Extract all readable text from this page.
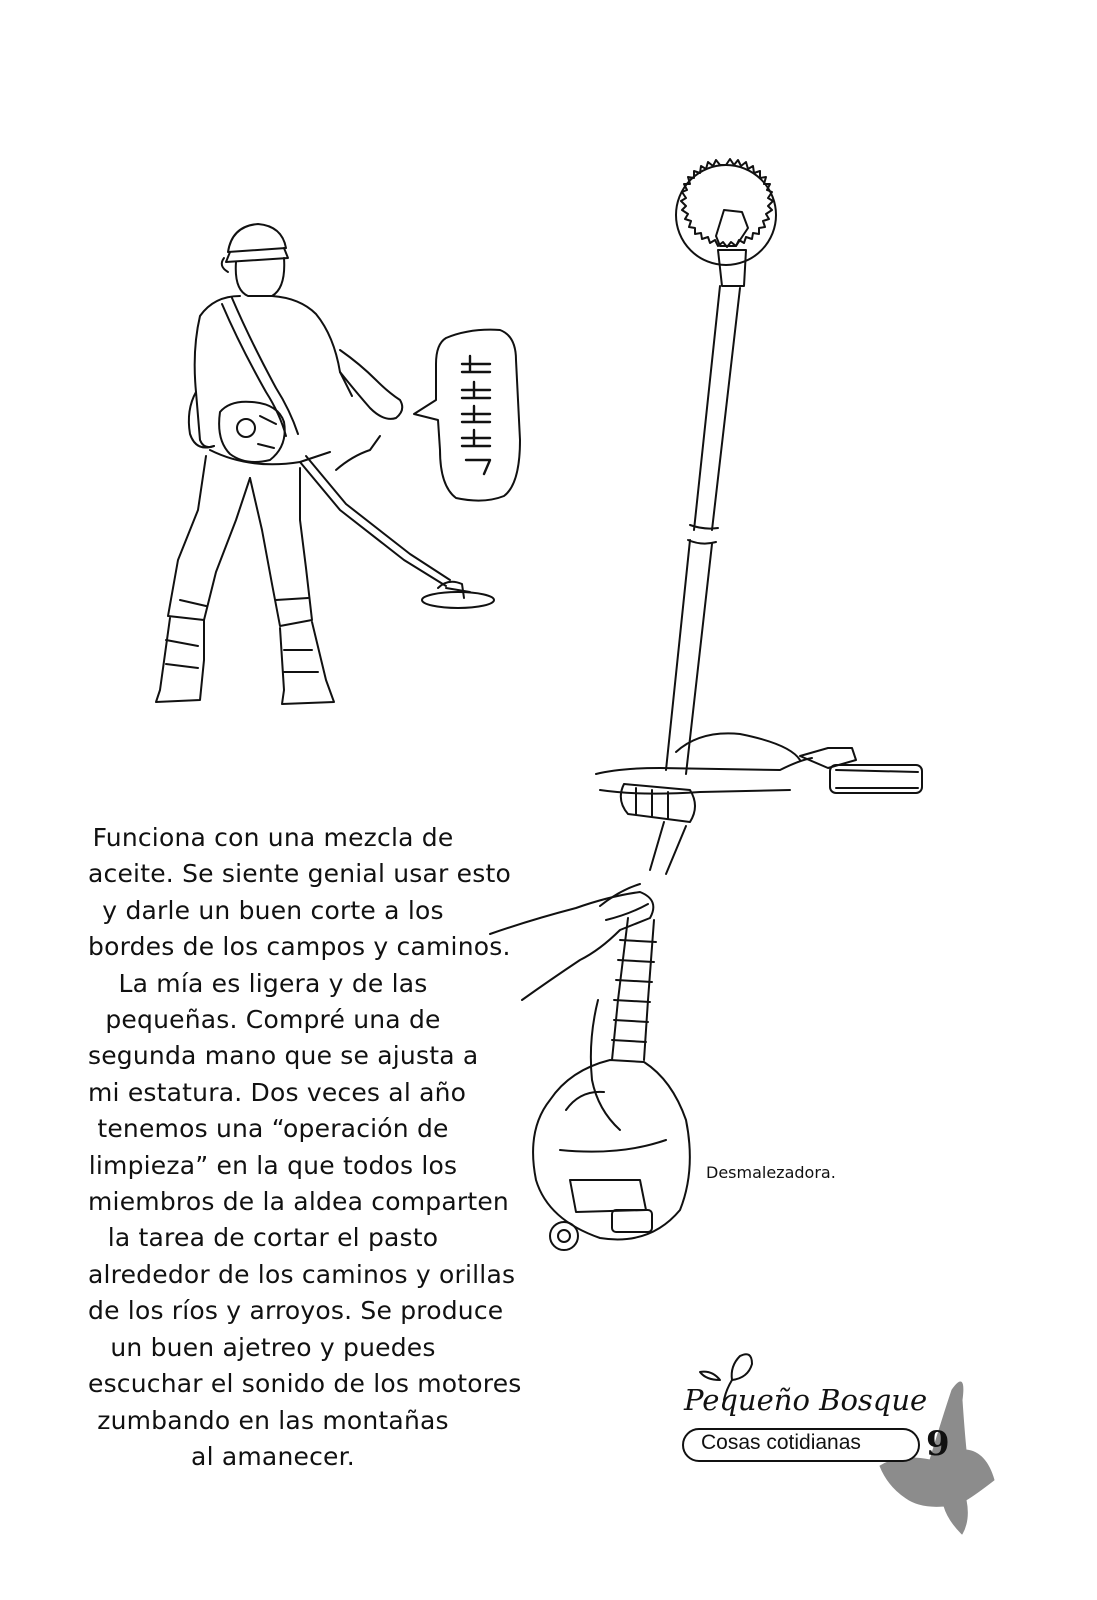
Funciona con una mezcla de
aceite. Se siente genial usar esto
y darle un buen corte a los
bordes de los campos y caminos.
La mía es ligera y de las
pequeñas. Compré una de
segunda mano que se ajusta a
mi estatura. Dos veces al año
tenemos una “operación de
limpieza” en la que todos los
miembros de la aldea comparten
la tarea de cortar el pasto
alrededor de los caminos y orillas
de los ríos y arroyos. Se produce
un buen ajetreo y puedes
escuchar el sonido de los motores
zumbando en las montañas
al amanecer.
Desmalezadora.
Pequeño Bosque
Cosas cotidianas 9
